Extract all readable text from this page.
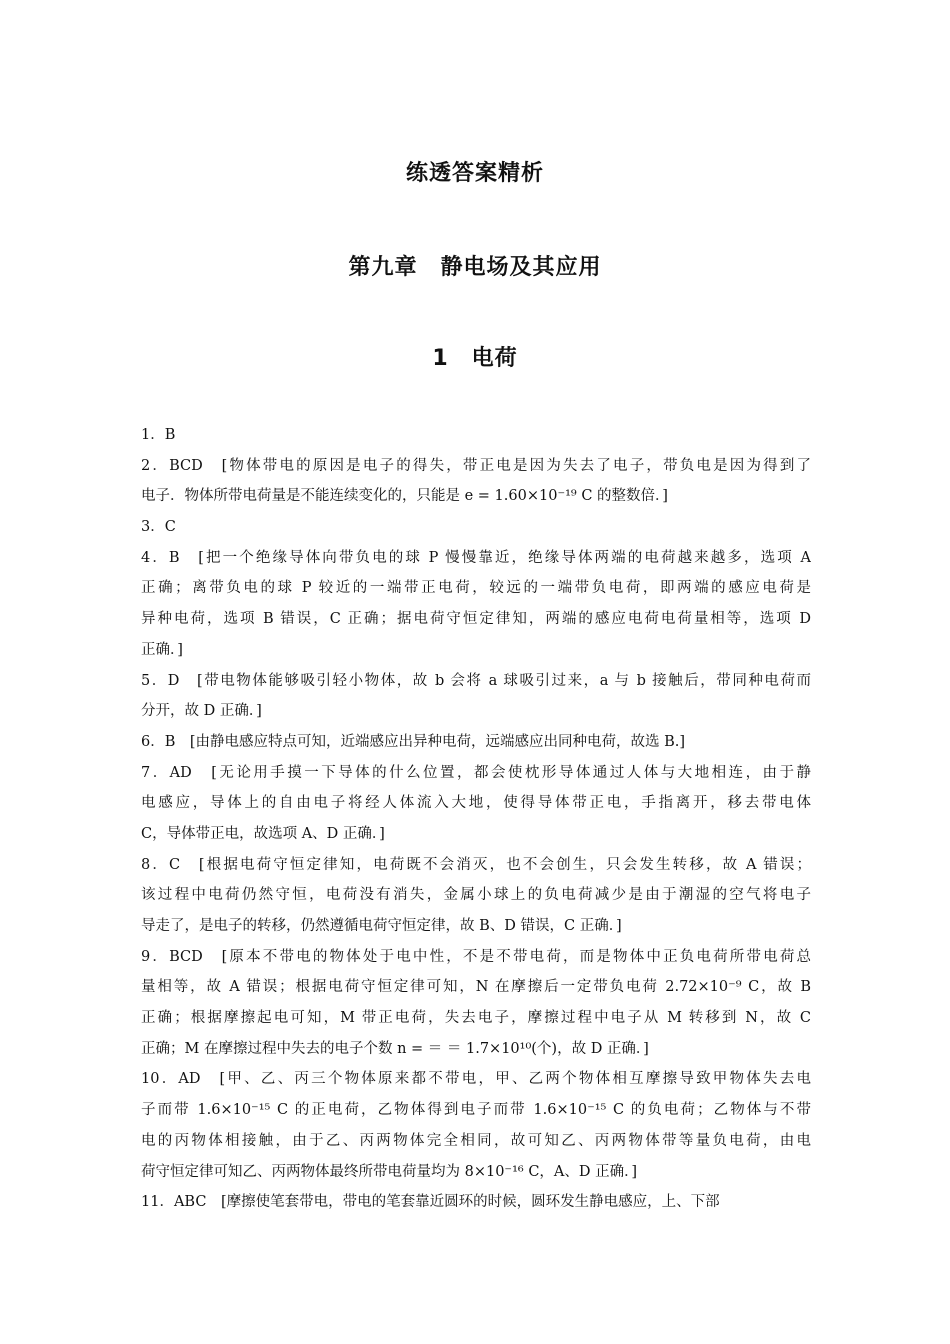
练透答案精析
第九章　静电场及其应用
1　电荷
1．B
2．BCD　[物体带电的原因是电子的得失，带正电是因为失去了电子，带负电是因为得到了
电子．物体所带电荷量是不能连续变化的，只能是 e = 1.60×10⁻¹⁹ C 的整数倍．]
3．C
4．B　[把一个绝缘导体向带负电的球 P 慢慢靠近，绝缘导体两端的电荷越来越多，选项 A
正确；离带负电的球 P 较近的一端带正电荷，较远的一端带负电荷，即两端的感应电荷是
异种电荷，选项 B 错误，C 正确；据电荷守恒定律知，两端的感应电荷电荷量相等，选项 D
正确．]
5．D　[带电物体能够吸引轻小物体，故 b 会将 a 球吸引过来，a 与 b 接触后，带同种电荷而
分开，故 D 正确．]
6．B　[由静电感应特点可知，近端感应出异种电荷，远端感应出同种电荷，故选 B.]
7．AD　[无论用手摸一下导体的什么位置，都会使枕形导体通过人体与大地相连，由于静
电感应，导体上的自由电子将经人体流入大地，使得导体带正电，手指离开，移去带电体
C，导体带正电，故选项 A、D 正确．]
8．C　[根据电荷守恒定律知，电荷既不会消灭，也不会创生，只会发生转移，故 A 错误；
该过程中电荷仍然守恒，电荷没有消失，金属小球上的负电荷减少是由于潮湿的空气将电子
导走了，是电子的转移，仍然遵循电荷守恒定律，故 B、D 错误，C 正确．]
9．BCD　[原本不带电的物体处于电中性，不是不带电荷，而是物体中正负电荷所带电荷总
量相等，故 A 错误；根据电荷守恒定律可知，N 在摩擦后一定带负电荷 2.72×10⁻⁹ C，故 B
正确；根据摩擦起电可知，M 带正电荷，失去电子，摩擦过程中电子从 M 转移到 N，故 C
正确；M 在摩擦过程中失去的电子个数 n = ＝ ＝ 1.7×10¹⁰(个)，故 D 正确．]
10．AD　[甲、乙、丙三个物体原来都不带电，甲、乙两个物体相互摩擦导致甲物体失去电
子而带 1.6×10⁻¹⁵ C 的正电荷，乙物体得到电子而带 1.6×10⁻¹⁵ C 的负电荷；乙物体与不带
电的丙物体相接触，由于乙、丙两物体完全相同，故可知乙、丙两物体带等量负电荷，由电
荷守恒定律可知乙、丙两物体最终所带电荷量均为 8×10⁻¹⁶ C，A、D 正确．]
11．ABC　[摩擦使笔套带电，带电的笔套靠近圆环的时候，圆环发生静电感应，上、下部
